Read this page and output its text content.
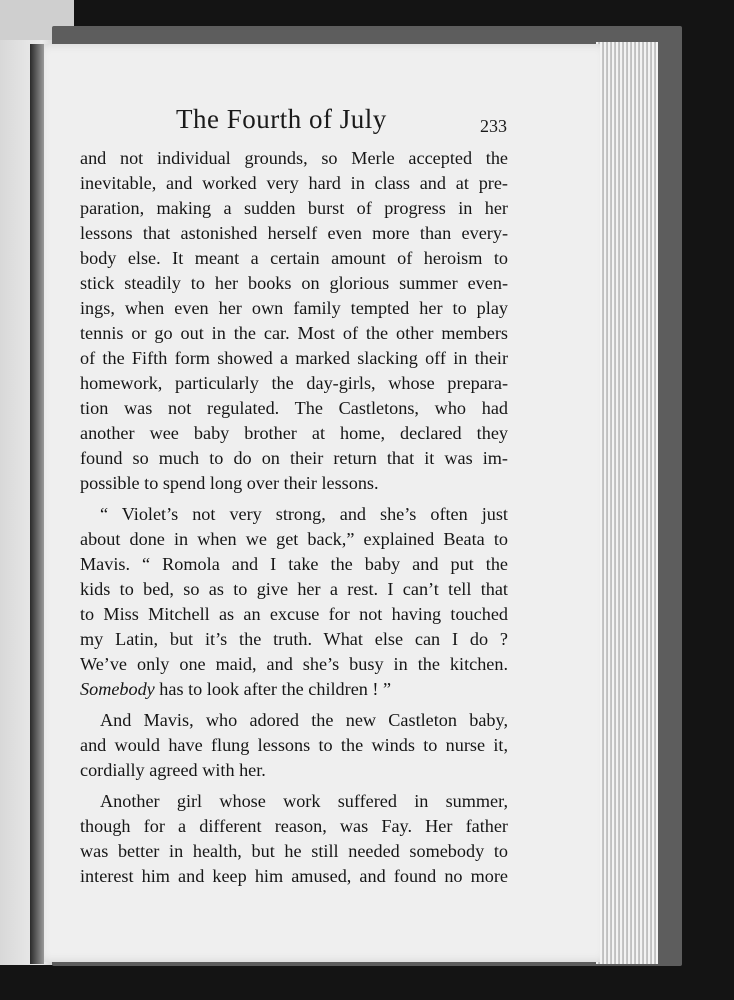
The Fourth of July	233
and not individual grounds, so Merle accepted the
inevitable, and worked very hard in class and at pre-
paration, making a sudden burst of progress in her
lessons that astonished herself even more than every-
body else. It meant a certain amount of heroism to
stick steadily to her books on glorious summer even-
ings, when even her own family tempted her to play
tennis or go out in the car. Most of the other members
of the Fifth form showed a marked slacking off in their
homework, particularly the day-girls, whose prepara-
tion was not regulated. The Castletons, who had
another wee baby brother at home, declared they
found so much to do on their return that it was im-
possible to spend long over their lessons.
“ Violet’s not very strong, and she’s often just
about done in when we get back,” explained Beata to
Mavis. “ Romola and I take the baby and put the
kids to bed, so as to give her a rest. I can’t tell that
to Miss Mitchell as an excuse for not having touched
my Latin, but it’s the truth. What else can I do ?
We’ve only one maid, and she’s busy in the kitchen.
Somebody has to look after the children ! ”
And Mavis, who adored the new Castleton baby,
and would have flung lessons to the winds to nurse it,
cordially agreed with her.
Another girl whose work suffered in summer,
though for a different reason, was Fay. Her father
was better in health, but he still needed somebody to
interest him and keep him amused, and found no more
